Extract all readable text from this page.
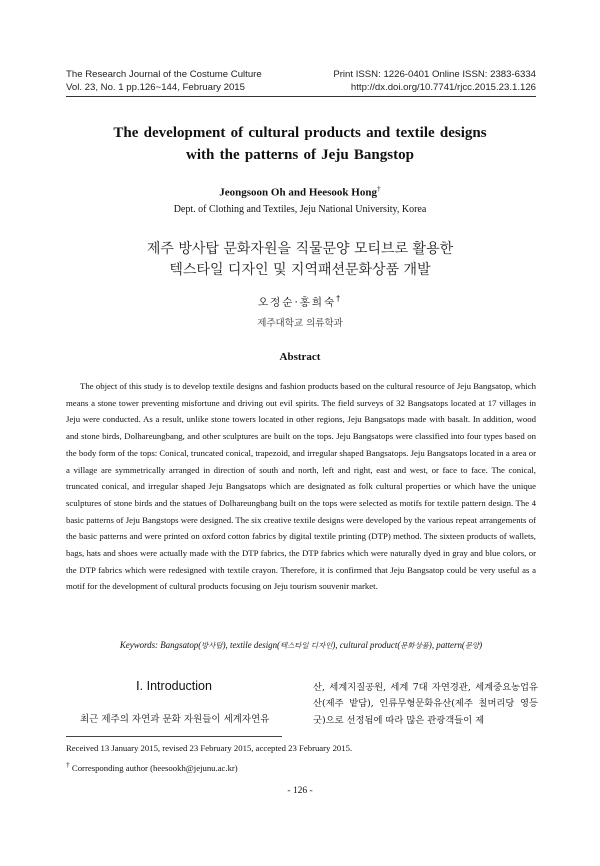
The Research Journal of the Costume Culture	Print ISSN: 1226-0401 Online ISSN: 2383-6334
Vol. 23, No. 1 pp.126~144, February 2015	http://dx.doi.org/10.7741/rjcc.2015.23.1.126
The development of cultural products and textile designs
with the patterns of Jeju Bangstop
Jeongsoon Oh and Heesook Hong†
Dept. of Clothing and Textiles, Jeju National University, Korea
제주 방사탑 문화자원을 직물문양 모티브로 활용한
텍스타일 디자인 및 지역패션문화상품 개발
오정순·홍희숙†
제주대학교 의류학과
Abstract

The object of this study is to develop textile designs and fashion products based on the cultural resource of Jeju Bangsatop, which means a stone tower preventing misfortune and driving out evil spirits. The field surveys of 32 Bangsatops located at 17 villages in Jeju were conducted. As a result, unlike stone towers located in other regions, Jeju Bangsatops made with basalt. In addition, wood and stone birds, Dolhareungbang, and other sculptures are built on the tops. Jeju Bangsatops were classified into four types based on the body form of the tops: Conical, truncated conical, trapezoid, and irregular shaped Bangsatops. Jeju Bangsatops located in a area or a village are symmetrically arranged in direction of south and north, left and right, east and west, or face to face. The conical, truncated conical, and irregular shaped Jeju Bangsatops which are designated as folk cultural properties or which have the unique sculptures of stone birds and the statues of Dolhareungbang built on the tops were selected as motifs for textile pattern design. The 4 basic patterns of Jeju Bangstops were designed. The six creative textile designs were developed by the various repeat arrangements of the basic patterns and were printed on oxford cotton fabrics by digital textile printing (DTP) method. The sixteen products of wallets, bags, hats and shoes were actually made with the DTP fabrics, the DTP fabrics which were naturally dyed in gray and blue colors, or the DTP fabrics which were redesigned with textile crayon. Therefore, it is confirmed that Jeju Bangsatop could be very useful as a motif for the development of cultural products focusing on Jeju tourism souvenir market.

Keywords: Bangsatop(방사탑), textile design(텍스타일 디자인), cultural product(문화상품), pattern(문양)
Ⅰ. Introduction
최근 제주의 자연과 문화 자원들이 세계자연유

산, 세계지질공원, 세계 7대 자연경관, 세계중요농업유산(제주 밭담), 인류무형문화유산(제주 칠머리당 영등굿)으로 선정됨에 따라 많은 관광객들이 제

Received 13 January 2015, revised 23 February 2015, accepted 23 February 2015.
† Corresponding author (heesookh@jejunu.ac.kr)
- 126 -
